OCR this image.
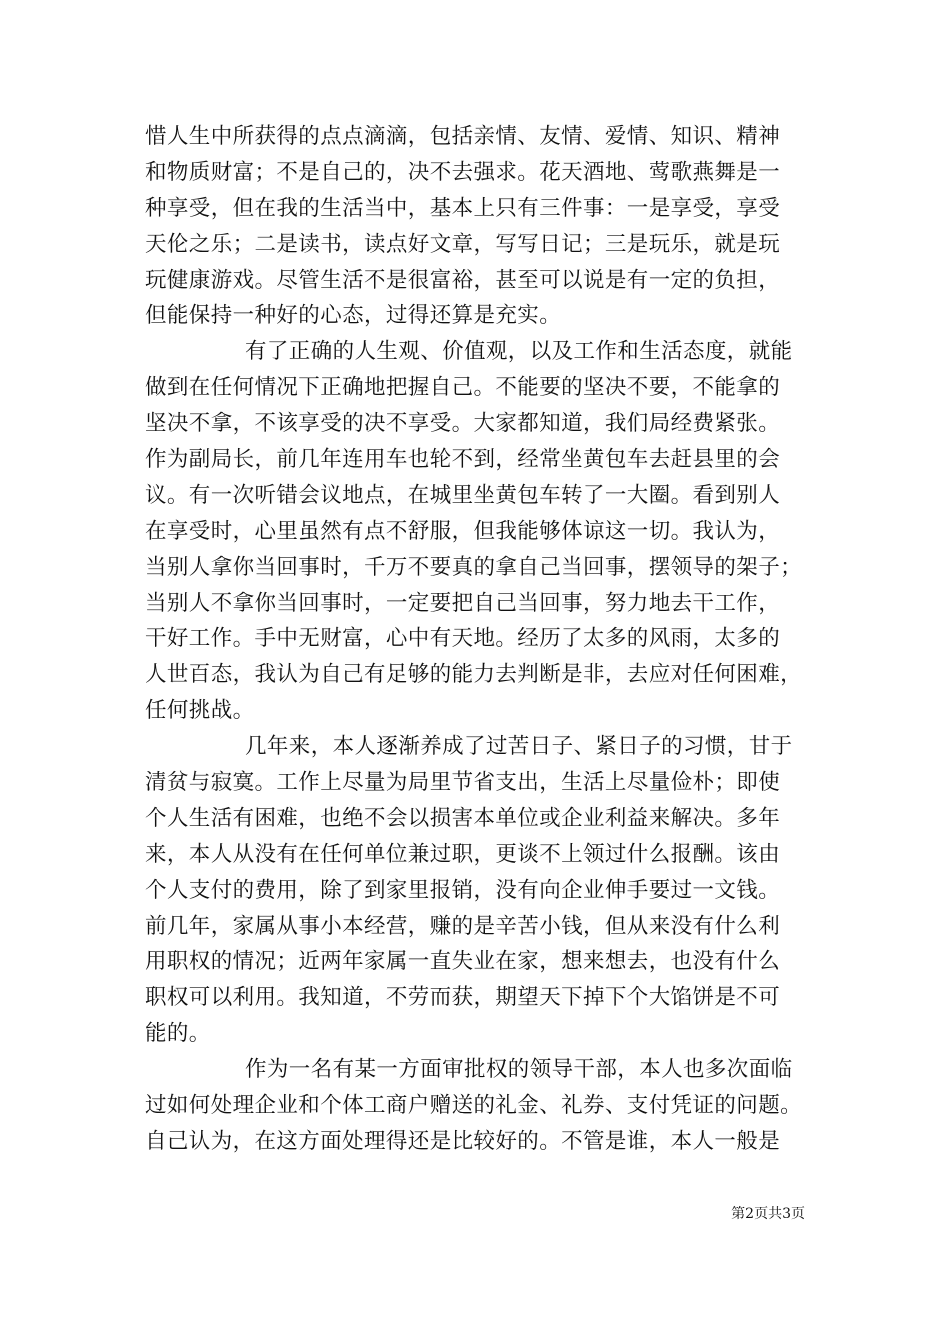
惜人生中所获得的点点滴滴，包括亲情、友情、爱情、知识、精神
和物质财富；不是自己的，决不去强求。花天酒地、莺歌燕舞是一
种享受，但在我的生活当中，基本上只有三件事：一是享受，享受
天伦之乐；二是读书，读点好文章，写写日记；三是玩乐，就是玩
玩健康游戏。尽管生活不是很富裕，甚至可以说是有一定的负担，
但能保持一种好的心态，过得还算是充实。
有了正确的人生观、价值观，以及工作和生活态度，就能
做到在任何情况下正确地把握自己。不能要的坚决不要，不能拿的
坚决不拿，不该享受的决不享受。大家都知道，我们局经费紧张。
作为副局长，前几年连用车也轮不到，经常坐黄包车去赶县里的会
议。有一次听错会议地点，在城里坐黄包车转了一大圈。看到别人
在享受时，心里虽然有点不舒服，但我能够体谅这一切。我认为，
当别人拿你当回事时，千万不要真的拿自己当回事，摆领导的架子；
当别人不拿你当回事时，一定要把自己当回事，努力地去干工作，
干好工作。手中无财富，心中有天地。经历了太多的风雨，太多的
人世百态，我认为自己有足够的能力去判断是非，去应对任何困难，
任何挑战。
几年来，本人逐渐养成了过苦日子、紧日子的习惯，甘于
清贫与寂寞。工作上尽量为局里节省支出，生活上尽量俭朴；即使
个人生活有困难，也绝不会以损害本单位或企业利益来解决。多年
来，本人从没有在任何单位兼过职，更谈不上领过什么报酬。该由
个人支付的费用，除了到家里报销，没有向企业伸手要过一文钱。
前几年，家属从事小本经营，赚的是辛苦小钱，但从来没有什么利
用职权的情况；近两年家属一直失业在家，想来想去，也没有什么
职权可以利用。我知道，不劳而获，期望天下掉下个大馅饼是不可
能的。
作为一名有某一方面审批权的领导干部，本人也多次面临
过如何处理企业和个体工商户赠送的礼金、礼券、支付凭证的问题。
自己认为，在这方面处理得还是比较好的。不管是谁，本人一般是
第2页共3页
